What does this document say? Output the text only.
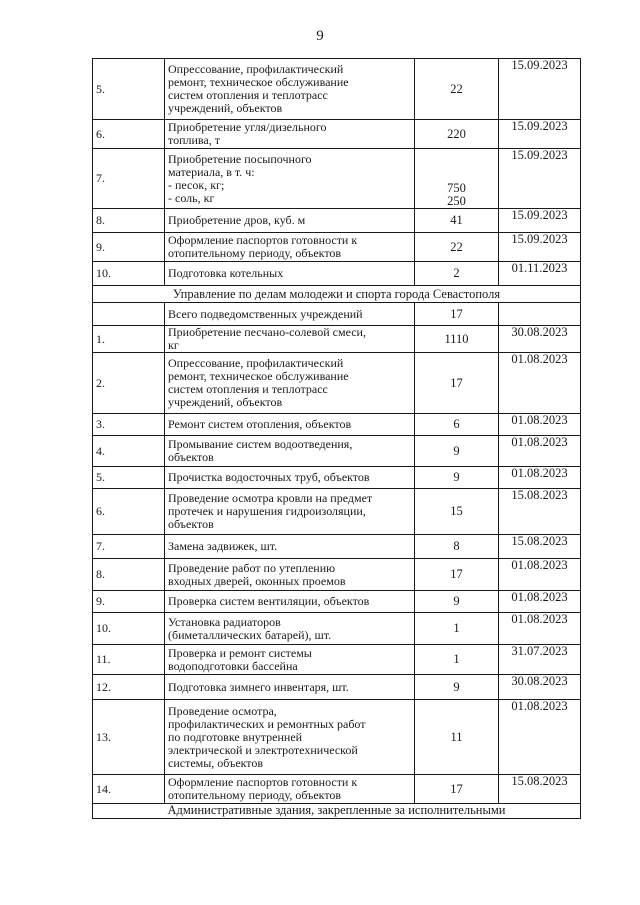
9
5.	Опрессование, профилактический
ремонт, техническое обслуживание
систем отопления и теплотрасс
учреждений, объектов	22	15.09.2023
6.	Приобретение угля/дизельного
топлива, т	220	15.09.2023
7.	Приобретение посыпочного
материала, в т. ч:
- песок, кг;
- соль, кг	750
250	15.09.2023
8.	Приобретение дров, куб. м	41	15.09.2023
9.	Оформление паспортов готовности к
отопительному периоду, объектов	22	15.09.2023
10.	Подготовка котельных	2	01.11.2023
Управление по делам молодежи и спорта города Севастополя			

	Всего подведомственных учреждений	17	
1.	Приобретение песчано-солевой смеси,
кг	1110	30.08.2023
2.	Опрессование, профилактический
ремонт, техническое обслуживание
систем отопления и теплотрасс
учреждений, объектов	17	01.08.2023
3.	Ремонт систем отопления, объектов	6	01.08.2023
4.	Промывание систем водоотведения,
объектов	9	01.08.2023
5.	Прочистка водосточных труб, объектов	9	01.08.2023
6.	Проведение осмотра кровли на предмет
протечек и нарушения гидроизоляции,
объектов	15	15.08.2023
7.	Замена задвижек, шт.	8	15.08.2023
8.	Проведение работ по утеплению
входных дверей, оконных проемов	17	01.08.2023
9.	Проверка систем вентиляции, объектов	9	01.08.2023
10.	Установка радиаторов
(биметаллических батарей), шт.	1	01.08.2023
11.	Проверка и ремонт системы
водоподготовки бассейна	1	31.07.2023
12.	Подготовка зимнего инвентаря, шт.	9	30.08.2023
13.	Проведение осмотра,
профилактических и ремонтных работ
по подготовке внутренней
электрической и электротехнической
системы, объектов	11	01.08.2023
14.	Оформление паспортов готовности к
отопительному периоду, объектов	17	15.08.2023
Административные здания, закрепленные за исполнительными			
